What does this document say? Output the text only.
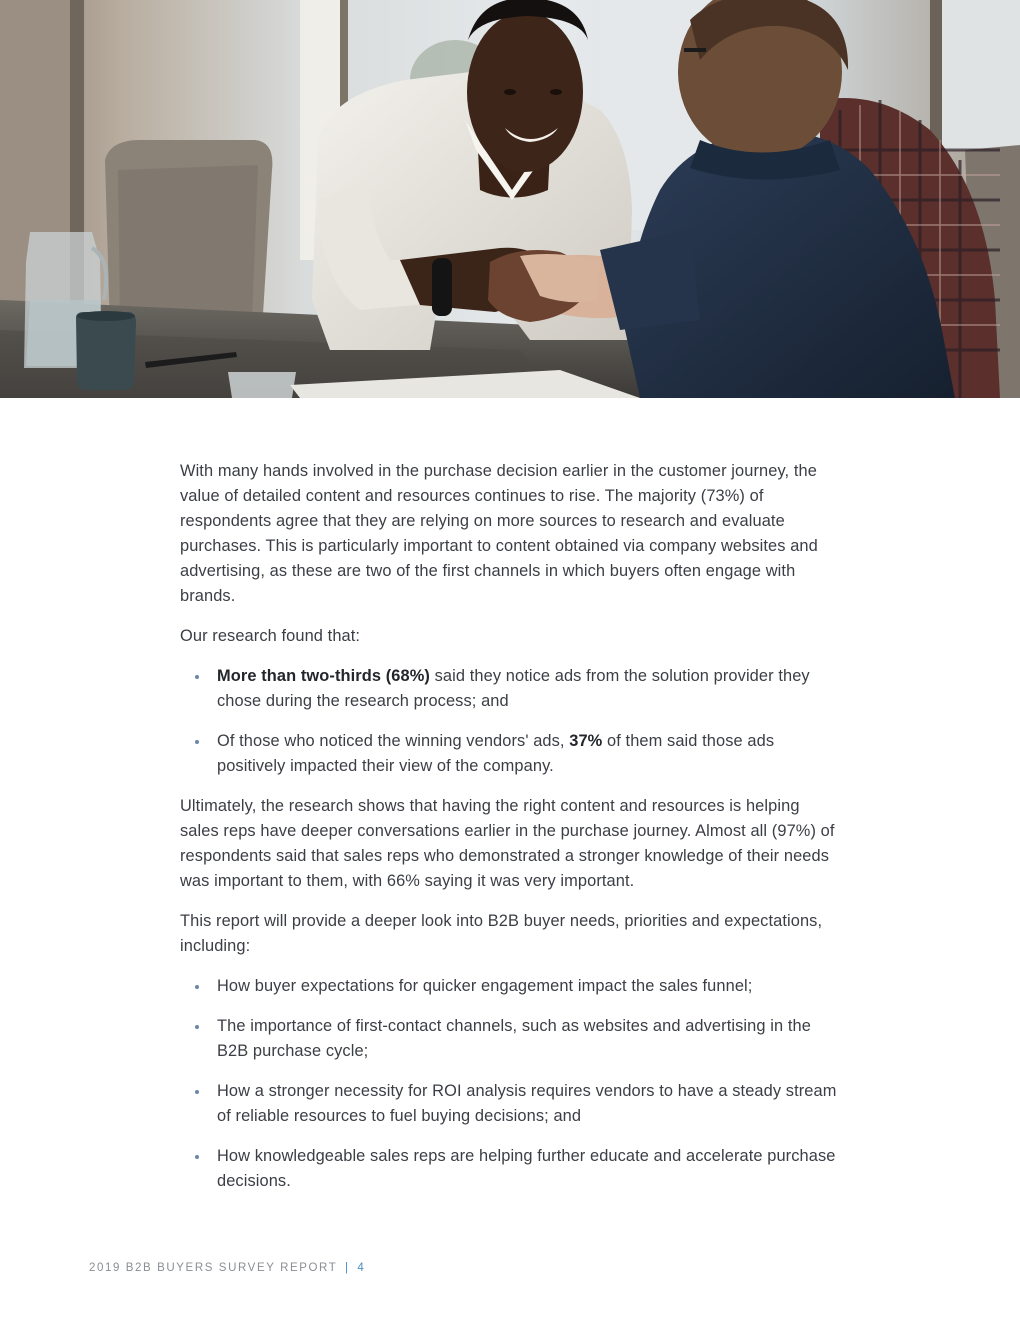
With many hands involved in the purchase decision earlier in the customer journey, the value of detailed content and resources continues to rise. The majority (73%) of respondents agree that they are relying on more sources to research and evaluate purchases. This is particularly important to content obtained via company websites and advertising, as these are two of the first channels in which buyers often engage with brands.

Our research found that:

More than two-thirds (68%) said they notice ads from the solution provider they chose during the research process; and
Of those who noticed the winning vendors' ads, 37% of them said those ads positively impacted their view of the company.

Ultimately, the research shows that having the right content and resources is helping sales reps have deeper conversations earlier in the purchase journey. Almost all (97%) of respondents said that sales reps who demonstrated a stronger knowledge of their needs was important to them, with 66% saying it was very important.

This report will provide a deeper look into B2B buyer needs, priorities and expectations, including:

How buyer expectations for quicker engagement impact the sales funnel;
The importance of first-contact channels, such as websites and advertising in the B2B purchase cycle;
How a stronger necessity for ROI analysis requires vendors to have a steady stream of reliable resources to fuel buying decisions; and
How knowledgeable sales reps are helping further educate and accelerate purchase decisions.
2019 B2B BUYERS SURVEY REPORT | 4
